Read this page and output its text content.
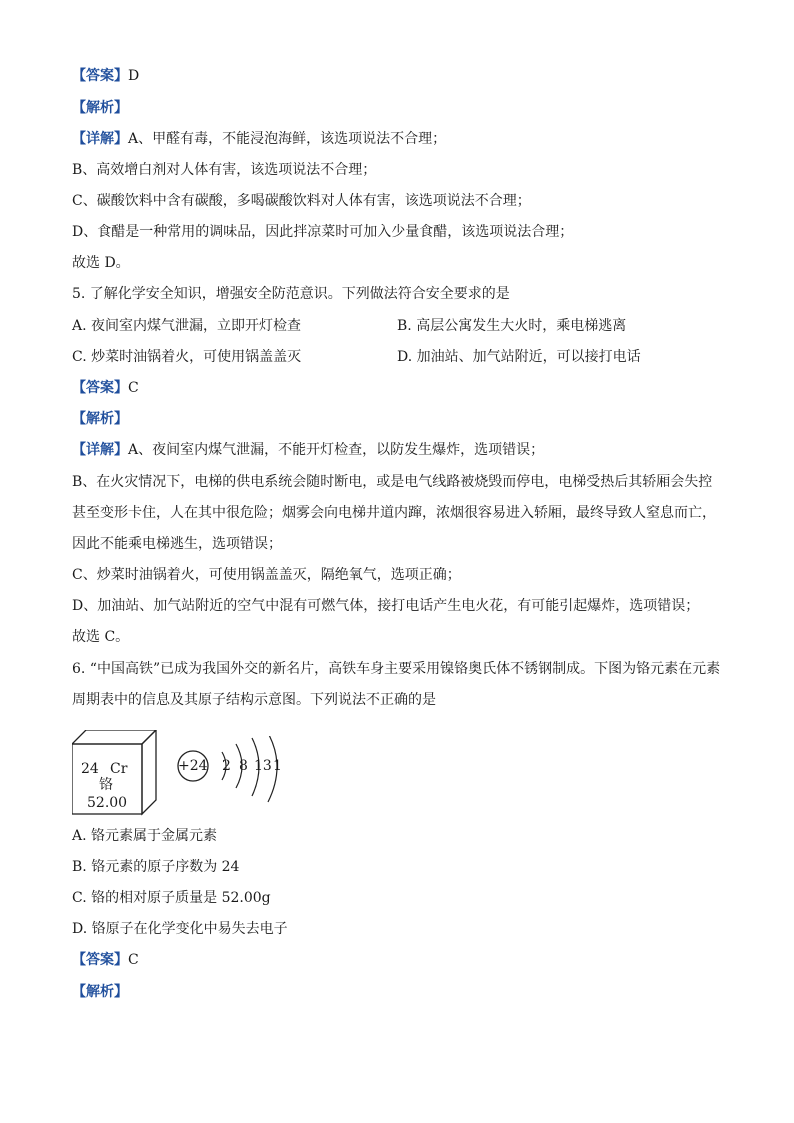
【答案】D
【解析】
【详解】A、甲醛有毒，不能浸泡海鲜，该选项说法不合理；
B、高效增白剂对人体有害，该选项说法不合理；
C、碳酸饮料中含有碳酸，多喝碳酸饮料对人体有害，该选项说法不合理；
D、食醋是一种常用的调味品，因此拌凉菜时可加入少量食醋，该选项说法合理；
故选 D。
5. 了解化学安全知识，增强安全防范意识。下列做法符合安全要求的是
A. 夜间室内煤气泄漏，立即开灯检查	B. 高层公寓发生大火时，乘电梯逃离
C. 炒菜时油锅着火，可使用锅盖盖灭	D. 加油站、加气站附近，可以接打电话
【答案】C
【解析】
【详解】A、夜间室内煤气泄漏，不能开灯检查，以防发生爆炸，选项错误；
B、在火灾情况下，电梯的供电系统会随时断电，或是电气线路被烧毁而停电，电梯受热后其轿厢会失控
甚至变形卡住，人在其中很危险；烟雾会向电梯井道内蹿，浓烟很容易进入轿厢，最终导致人窒息而亡，
因此不能乘电梯逃生，选项错误；
C、炒菜时油锅着火，可使用锅盖盖灭，隔绝氧气，选项正确；
D、加油站、加气站附近的空气中混有可燃气体，接打电话产生电火花，有可能引起爆炸，选项错误；
故选 C。
6. “中国高铁”已成为我国外交的新名片，高铁车身主要采用镍铬奥氏体不锈钢制成。下图为铬元素在元素
周期表中的信息及其原子结构示意图。下列说法不正确的是
24 Cr
铬
52.00
+24 2 8 13 1
A. 铬元素属于金属元素
B. 铬元素的原子序数为 24
C. 铬的相对原子质量是 52.00g
D. 铬原子在化学变化中易失去电子
【答案】C
【解析】
